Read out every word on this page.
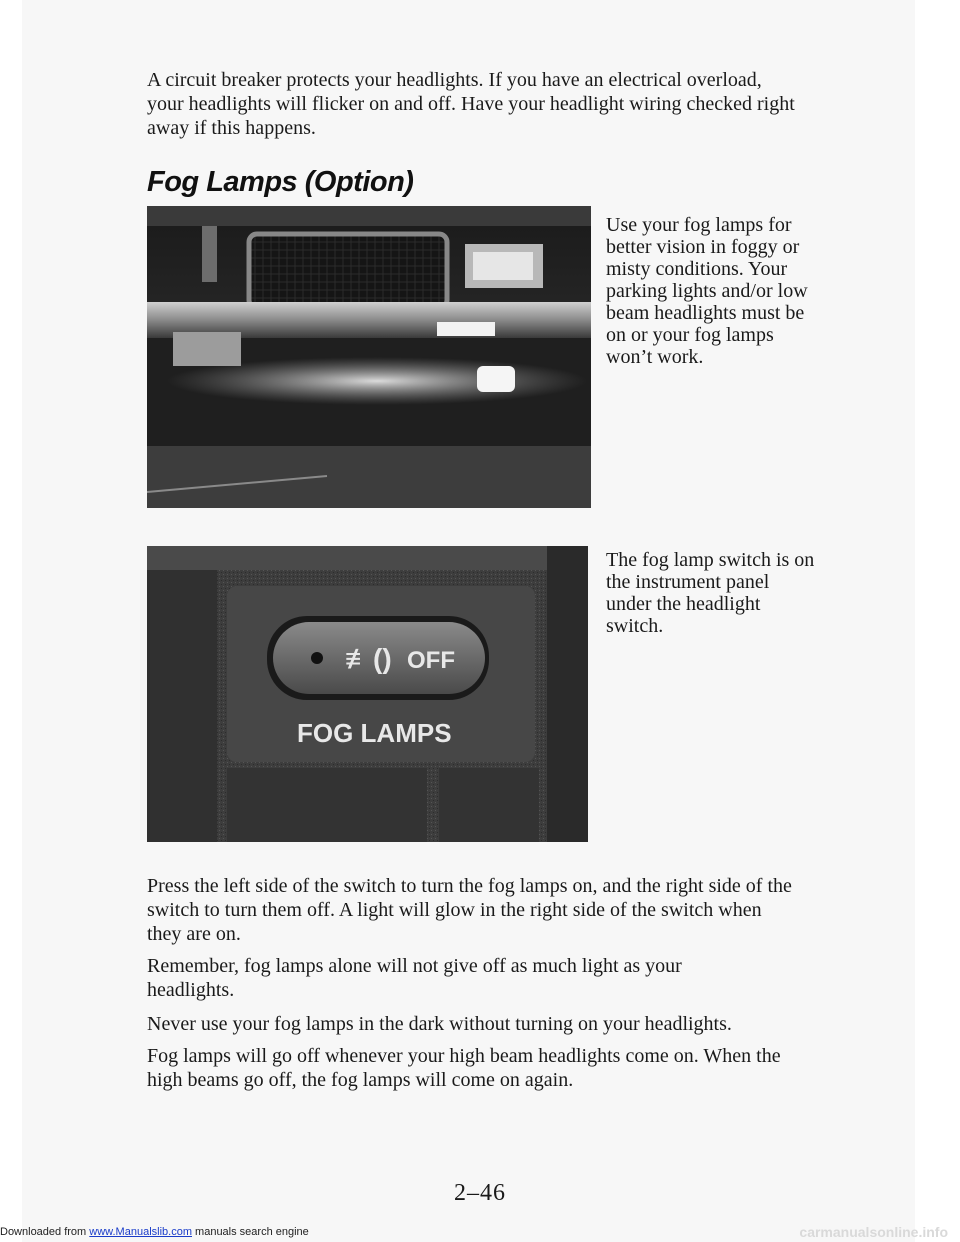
A circuit breaker protects your headlights. If you have an electrical overload, your headlights will flicker on and off. Have your headlight wiring checked right away if this happens.

Fog Lamps (Option)

Use your fog lamps for better vision in foggy or misty conditions. Your parking lights and/or low beam headlights must be on or your fog lamps won’t work.

≢() OFF
FOG LAMPS

The fog lamp switch is on the instrument panel under the headlight switch.

Press the left side of the switch to turn the fog lamps on, and the right side of the switch to turn them off. A light will glow in the right side of the switch when they are on.

Remember, fog lamps alone will not give off as much light as your headlights.

Never use your fog lamps in the dark without turning on your headlights.

Fog lamps will go off whenever your high beam headlights come on. When the high beams go off, the fog lamps will come on again.

2–46
Downloaded from www.Manualslib.com manuals search engine	carmanualsonline.info
